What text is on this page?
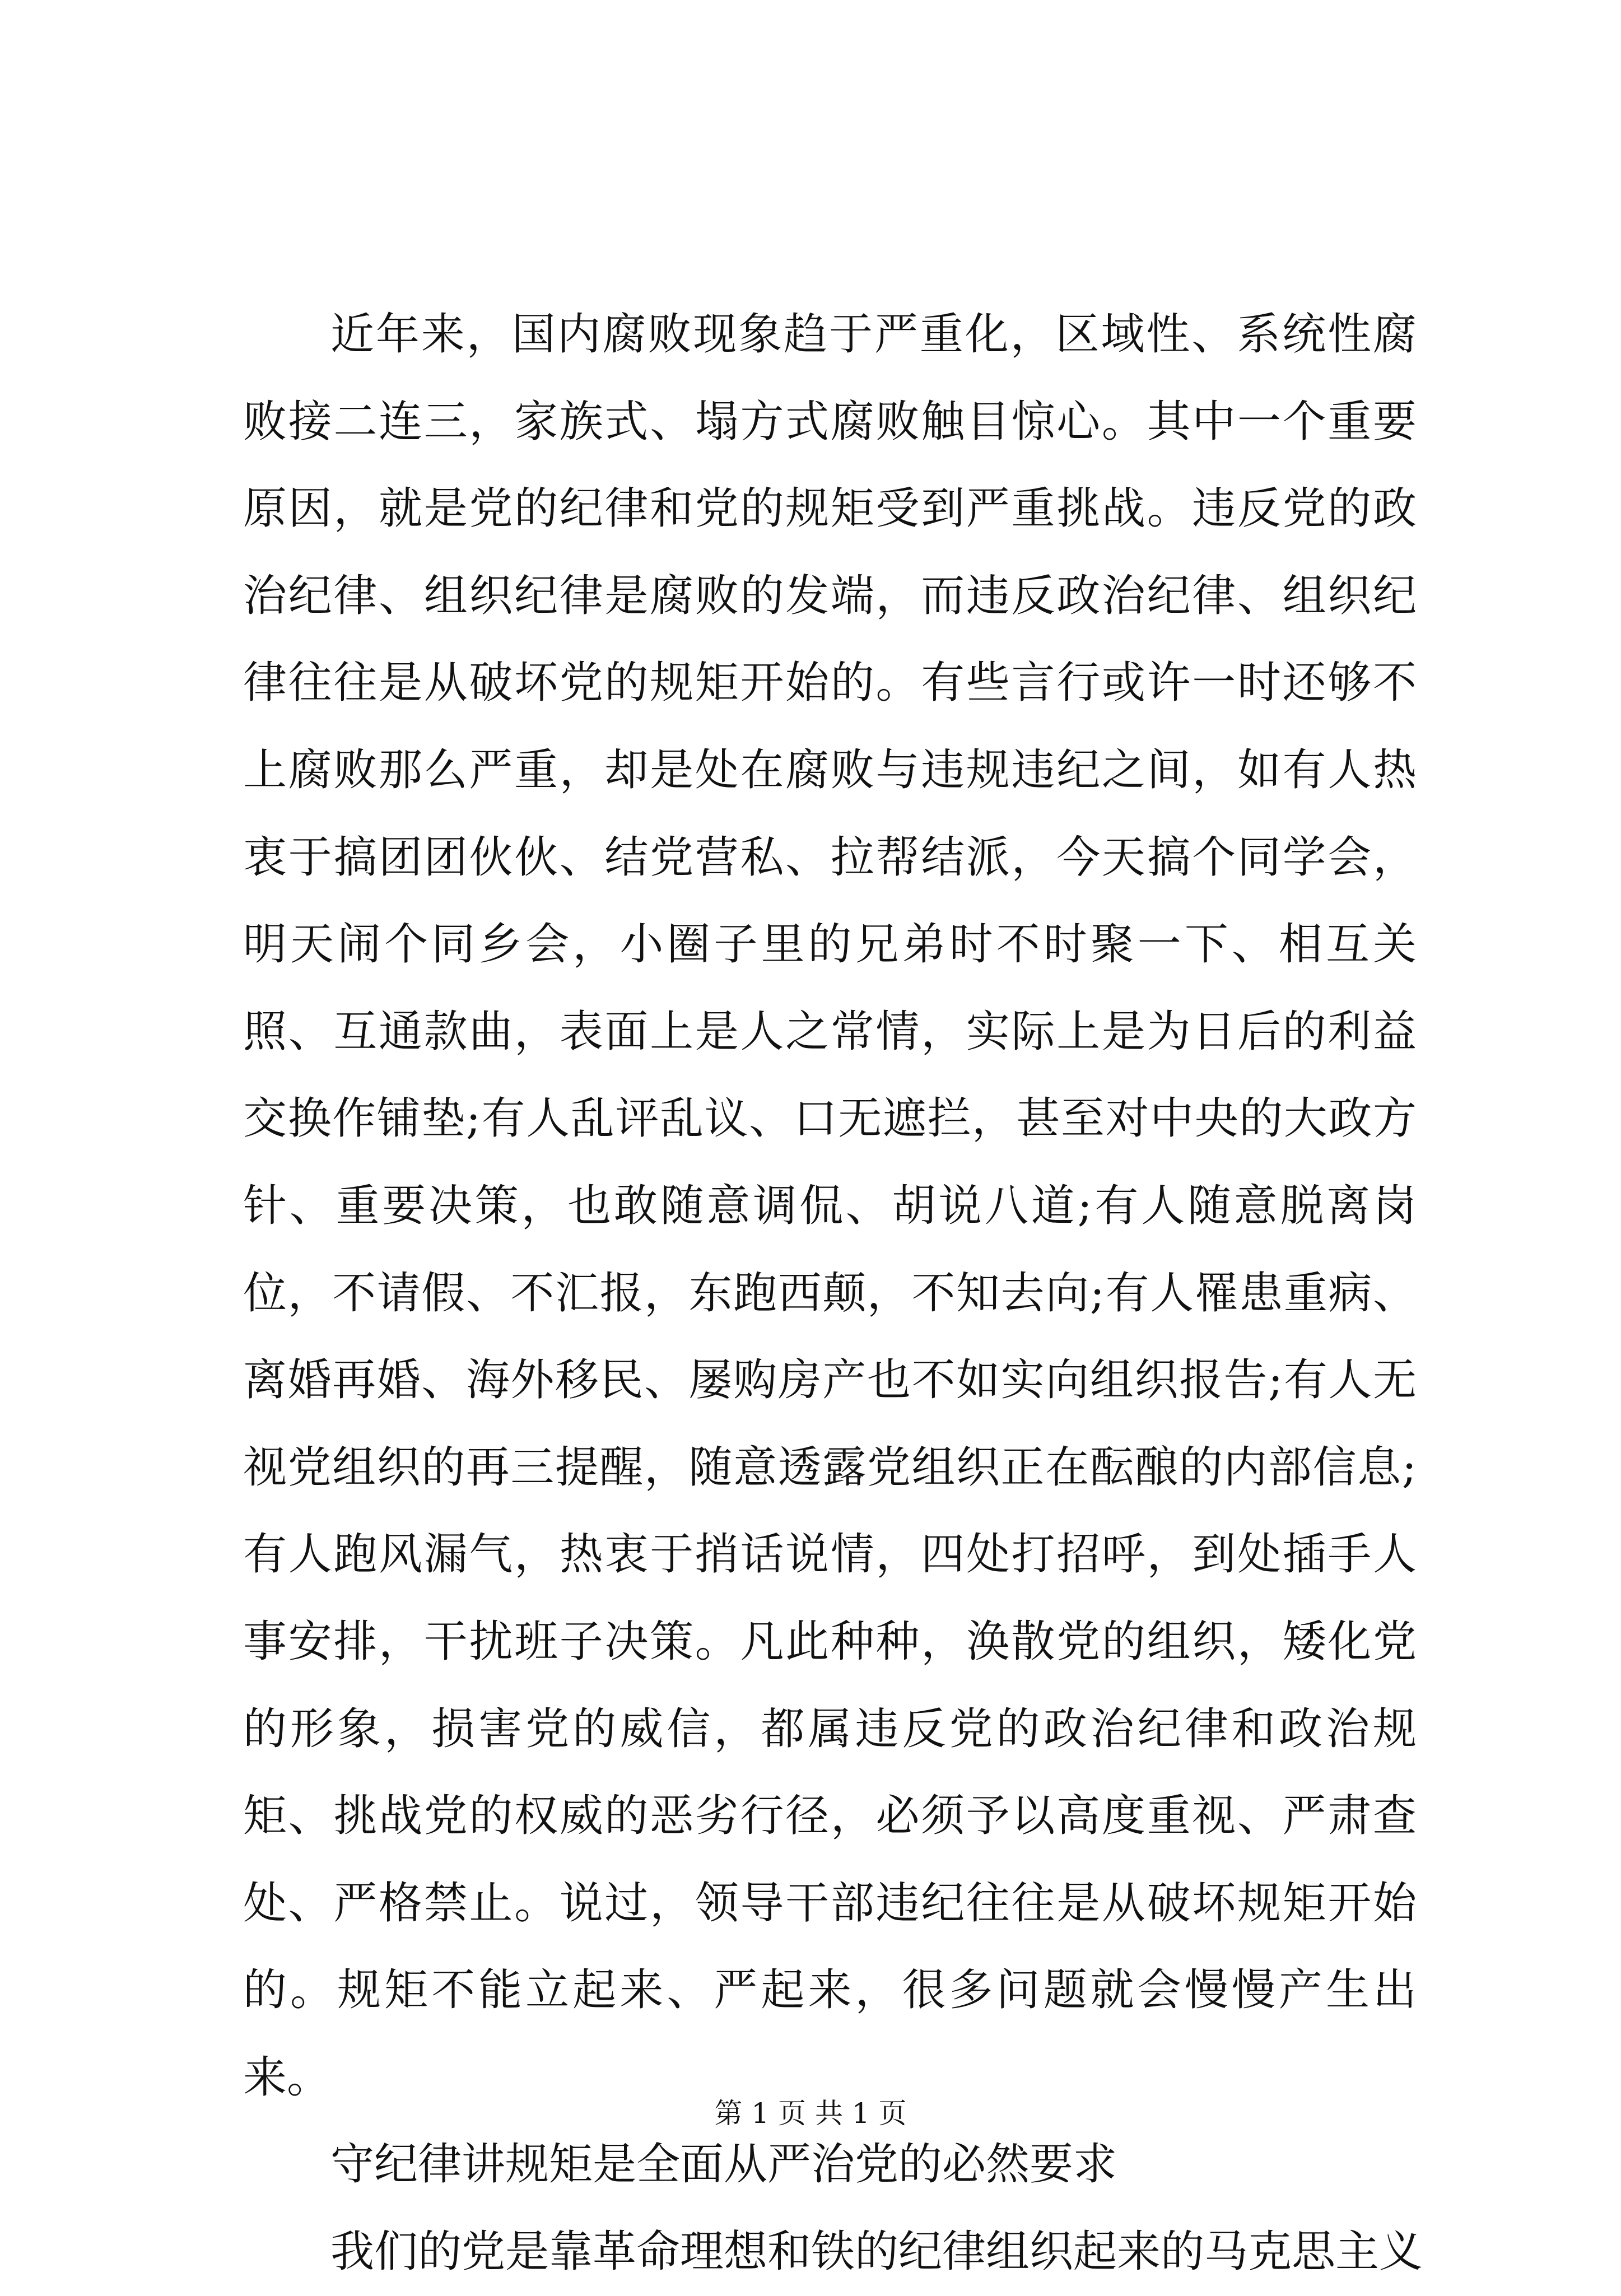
近年来，国内腐败现象趋于严重化，区域性、系统性腐败接二连三，家族式、塌方式腐败触目惊心。其中一个重要原因，就是党的纪律和党的规矩受到严重挑战。违反党的政治纪律、组织纪律是腐败的发端，而违反政治纪律、组织纪律往往是从破坏党的规矩开始的。有些言行或许一时还够不上腐败那么严重，却是处在腐败与违规违纪之间，如有人热衷于搞团团伙伙、结党营私、拉帮结派，今天搞个同学会，明天闹个同乡会，小圈子里的兄弟时不时聚一下、相互关照、互通款曲，表面上是人之常情，实际上是为日后的利益交换作铺垫;有人乱评乱议、口无遮拦，甚至对中央的大政方针、重要决策，也敢随意调侃、胡说八道;有人随意脱离岗位，不请假、不汇报，东跑西颠，不知去向;有人罹患重病、离婚再婚、海外移民、屡购房产也不如实向组织报告;有人无视党组织的再三提醒，随意透露党组织正在酝酿的内部信息;有人跑风漏气，热衷于捎话说情，四处打招呼，到处插手人事安排，干扰班子决策。凡此种种，涣散党的组织，矮化党的形象，损害党的威信，都属违反党的政治纪律和政治规矩、挑战党的权威的恶劣行径，必须予以高度重视、严肃查处、严格禁止。说过，领导干部违纪往往是从破坏规矩开始的。规矩不能立起来、严起来，很多问题就会慢慢产生出来。

守纪律讲规矩是全面从严治党的必然要求

我们的党是靠革命理想和铁的纪律组织起来的马克思主义

第 1 页 共 1 页
